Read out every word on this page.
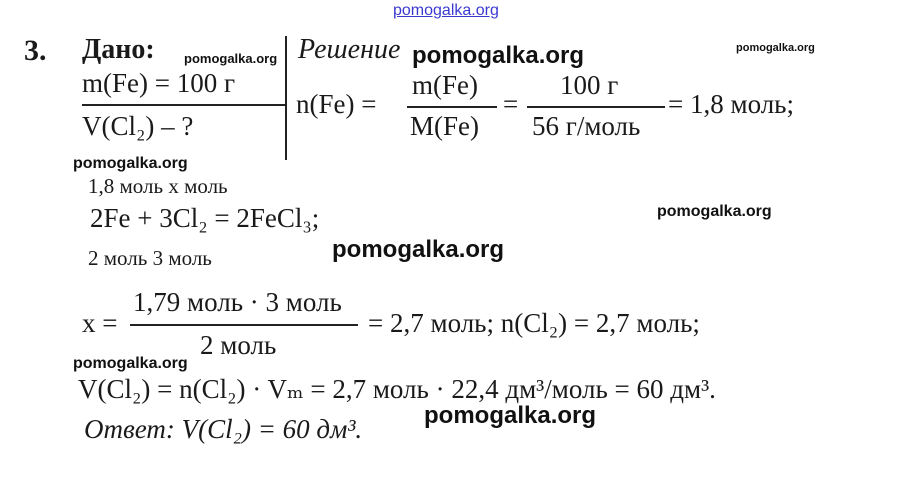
pomogalka.org
pomogalka.org
pomogalka.org
pomogalka.org
pomogalka.org
pomogalka.org
pomogalka.org
pomogalka.org
pomogalka.org
3. Дано:	Решение
m(Fe) = 100 г
V(Cl₂) – ?
n(Fe) =
m(Fe)
M(Fe)
=
100 г
56 г/моль
= 1,8 моль;
1,8 моль x моль
2Fe + 3Cl₂ = 2FeCl₃;
2 моль 3 моль
x =
1,79 моль · 3 моль
2 моль
= 2,7 моль; n(Cl₂) = 2,7 моль;
V(Cl₂) = n(Cl₂) · Vₘ = 2,7 моль · 22,4 дм³/моль = 60 дм³.
Ответ: V(Cl₂) = 60 дм³.
